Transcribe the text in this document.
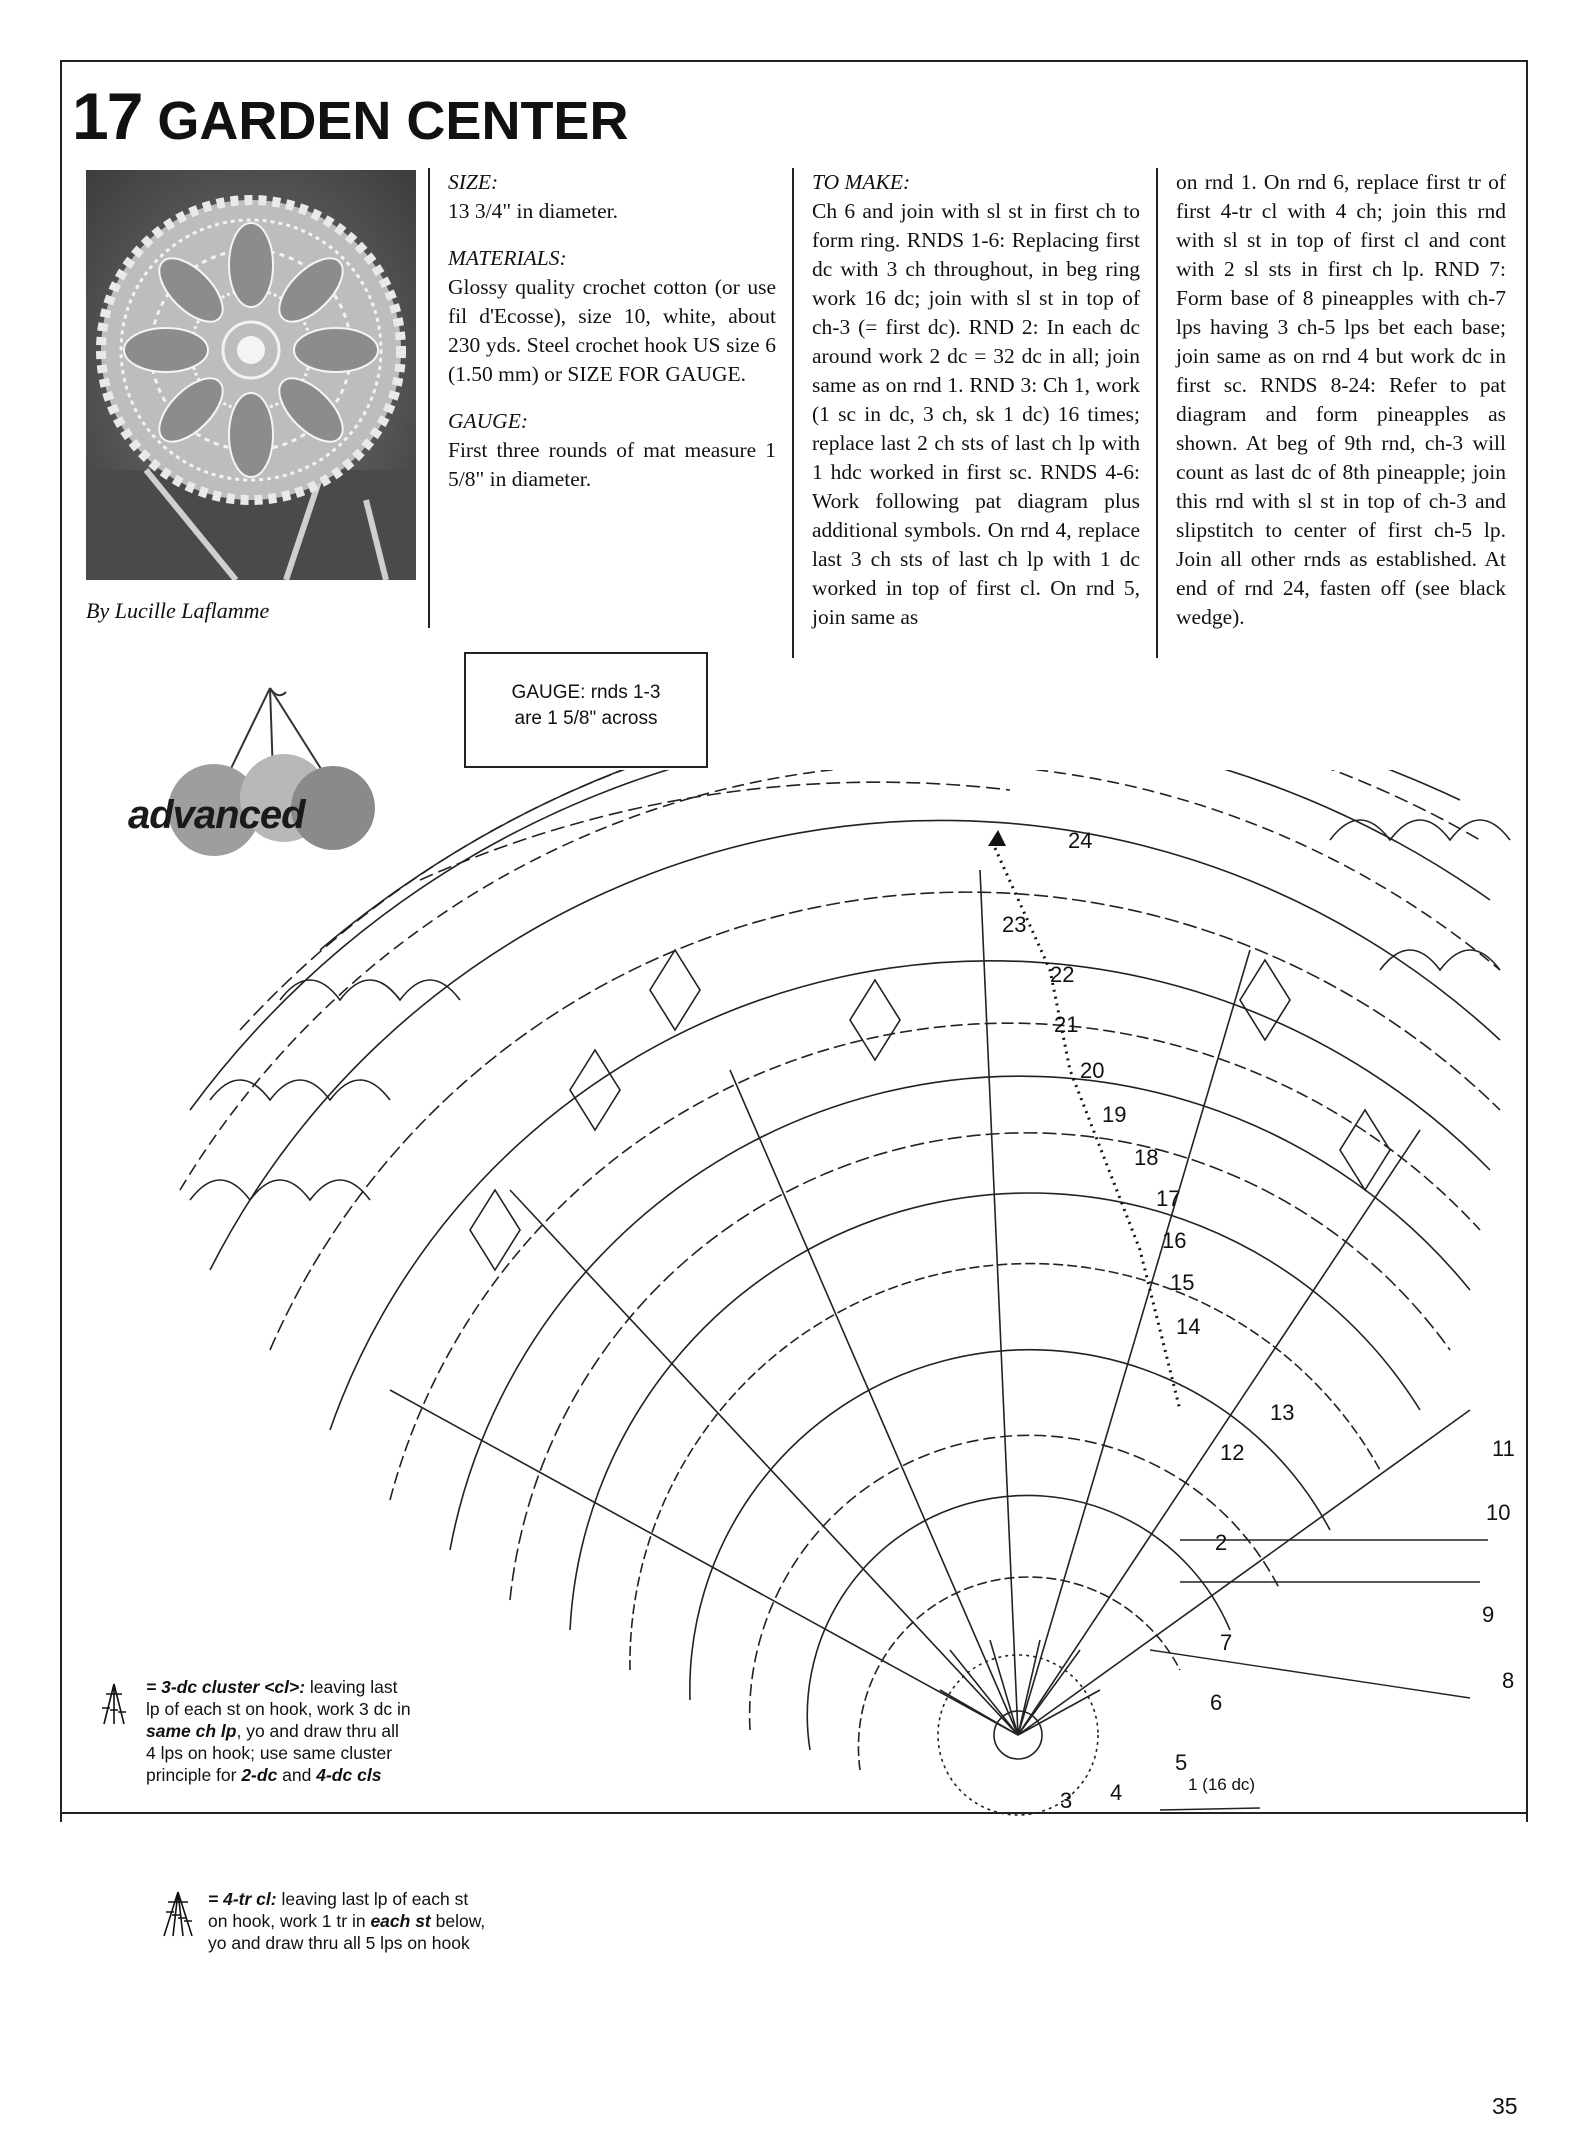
17 GARDEN CENTER
By Lucille Laflamme
SIZE:

13 3/4" in diameter.

MATERIALS:

Glossy quality crochet cotton (or use fil d'Ecosse), size 10, white, about 230 yds. Steel crochet hook US size 6 (1.50 mm) or SIZE FOR GAUGE.

GAUGE:

First three rounds of mat measure 1 5/8" in diameter.

TO MAKE:

Ch 6 and join with sl st in first ch to form ring. RNDS 1-6: Replacing first dc with 3 ch throughout, in beg ring work 16 dc; join with sl st in top of ch-3 (= first dc). RND 2: In each dc around work 2 dc = 32 dc in all; join same as on rnd 1. RND 3: Ch 1, work (1 sc in dc, 3 ch, sk 1 dc) 16 times; replace last 2 ch sts of last ch lp with 1 hdc worked in first sc. RNDS 4-6: Work following pat diagram plus additional symbols. On rnd 4, replace last 3 ch sts of last ch lp with 1 dc worked in top of first cl. On rnd 5, join same as

on rnd 1. On rnd 6, replace first tr of first 4-tr cl with 4 ch; join this rnd with sl st in top of first cl and cont with 2 sl sts in first ch lp. RND 7: Form base of 8 pineapples with ch-7 lps having 3 ch-5 lps bet each base; join same as on rnd 4 but work dc in first sc. RNDS 8-24: Refer to pat diagram and form pineapples as shown. At beg of 9th rnd, ch-3 will count as last dc of 8th pineapple; join this rnd with sl st in top of ch-3 and slipstitch to center of first ch-5 lp. Join all other rnds as established. At end of rnd 24, fasten off (see black wedge).

GAUGE: rnds 1-3
are 1 5/8" across
advanced
24
23
22
21
20
19
18
17
16
15
14
13
12	11
10
9
8
7
6
5
4
3
2
1 (16 dc)
= 3-dc cluster <cl>: leaving last
lp of each st on hook, work 3 dc in
same ch lp, yo and draw thru all
4 lps on hook; use same cluster
principle for 2-dc and 4-dc cls
= 4-tr cl: leaving last lp of each st
on hook, work 1 tr in each st below,
yo and draw thru all 5 lps on hook
35
